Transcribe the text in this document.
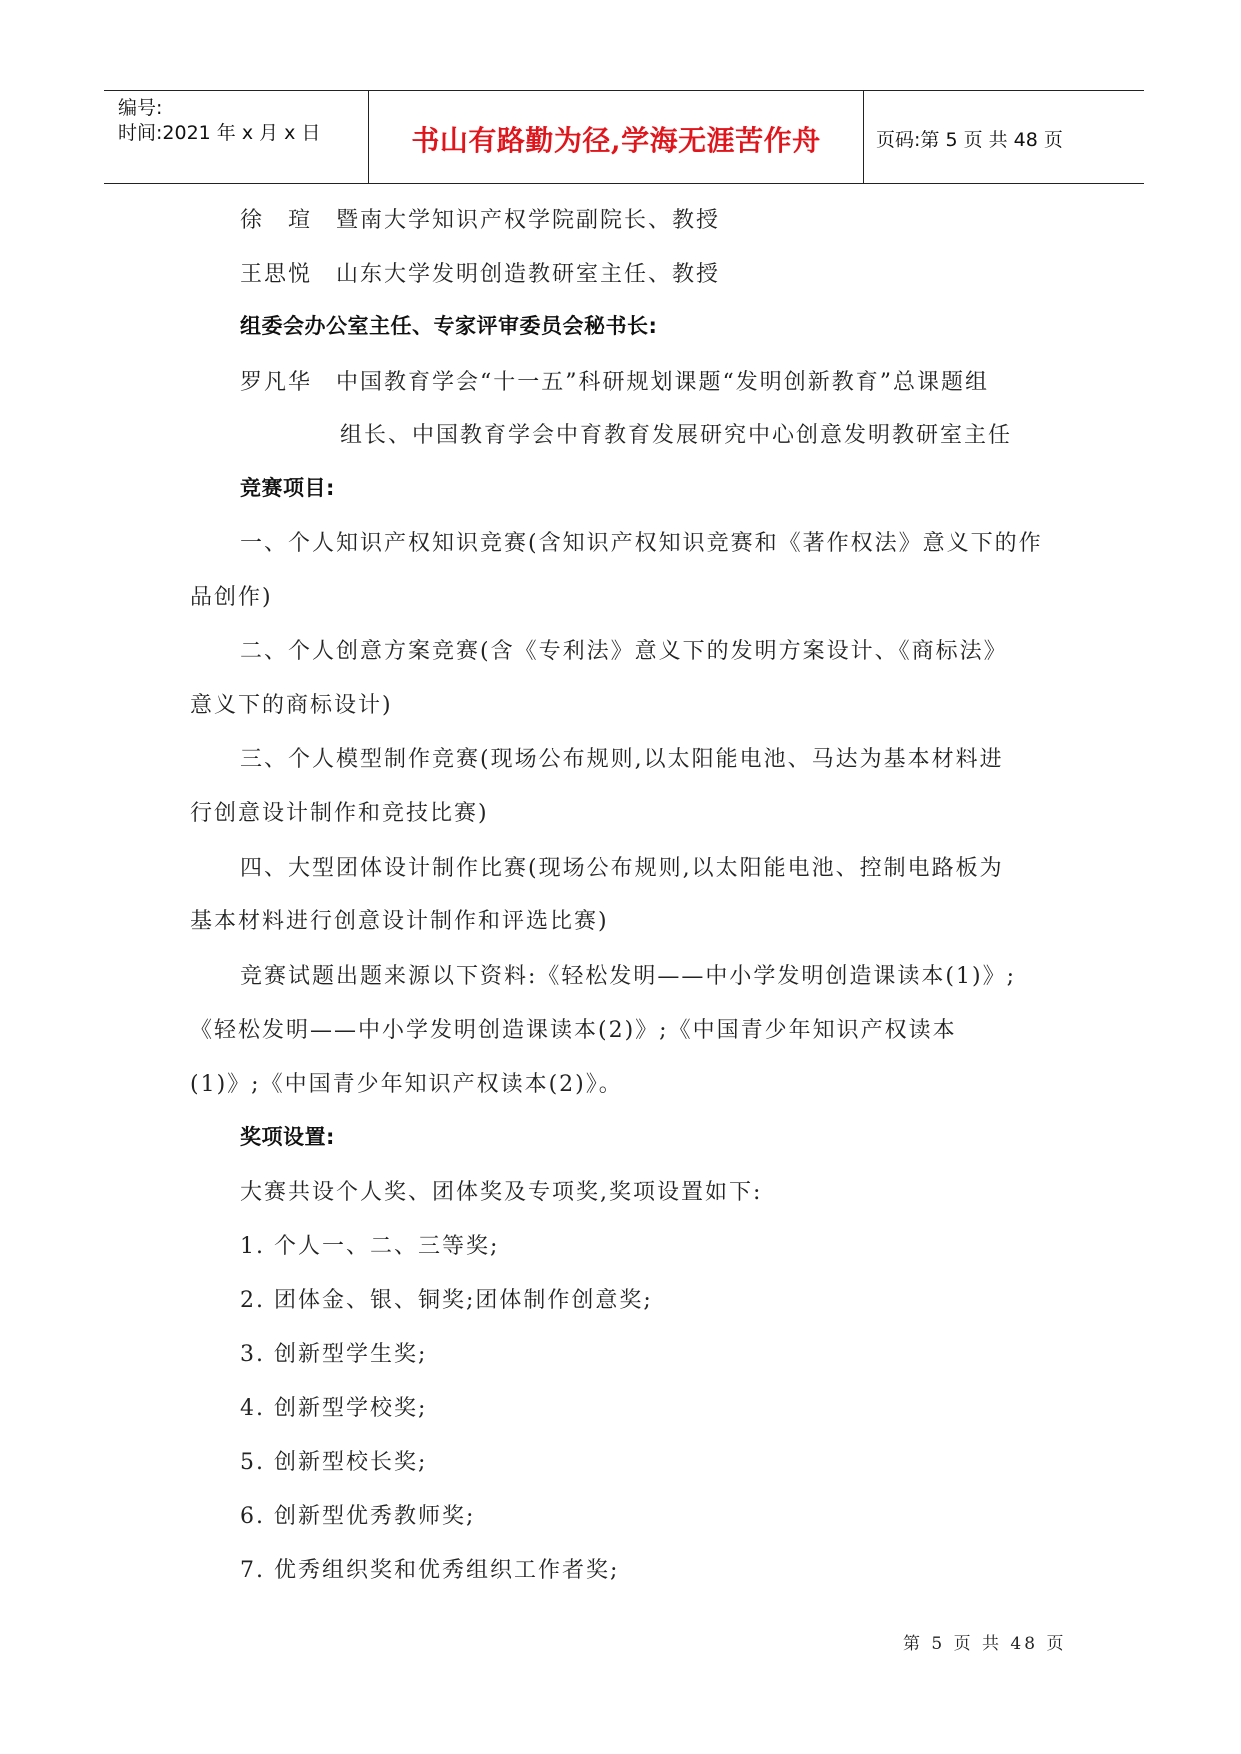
编号:
时间:2021 年 x 月 x 日	书山有路勤为径,学海无涯苦作舟	页码:第 5 页 共 48 页
徐　瑄　暨南大学知识产权学院副院长、教授
王思悦　山东大学发明创造教研室主任、教授
组委会办公室主任、专家评审委员会秘书长:
罗凡华　中国教育学会“十一五”科研规划课题“发明创新教育”总课题组
组长、中国教育学会中育教育发展研究中心创意发明教研室主任
竞赛项目:
一、个人知识产权知识竞赛(含知识产权知识竞赛和《著作权法》意义下的作
品创作)
二、个人创意方案竞赛(含《专利法》意义下的发明方案设计、《商标法》
意义下的商标设计)
三、个人模型制作竞赛(现场公布规则,以太阳能电池、马达为基本材料进
行创意设计制作和竞技比赛)
四、大型团体设计制作比赛(现场公布规则,以太阳能电池、控制电路板为
基本材料进行创意设计制作和评选比赛)
竞赛试题出题来源以下资料:《轻松发明——中小学发明创造课读本(1)》;
《轻松发明——中小学发明创造课读本(2)》;《中国青少年知识产权读本
(1)》;《中国青少年知识产权读本(2)》。
奖项设置:
大赛共设个人奖、团体奖及专项奖,奖项设置如下:
1. 个人一、二、三等奖;
2. 团体金、银、铜奖;团体制作创意奖;
3. 创新型学生奖;
4. 创新型学校奖;
5. 创新型校长奖;
6. 创新型优秀教师奖;
7. 优秀组织奖和优秀组织工作者奖;
第 5 页 共 48 页
